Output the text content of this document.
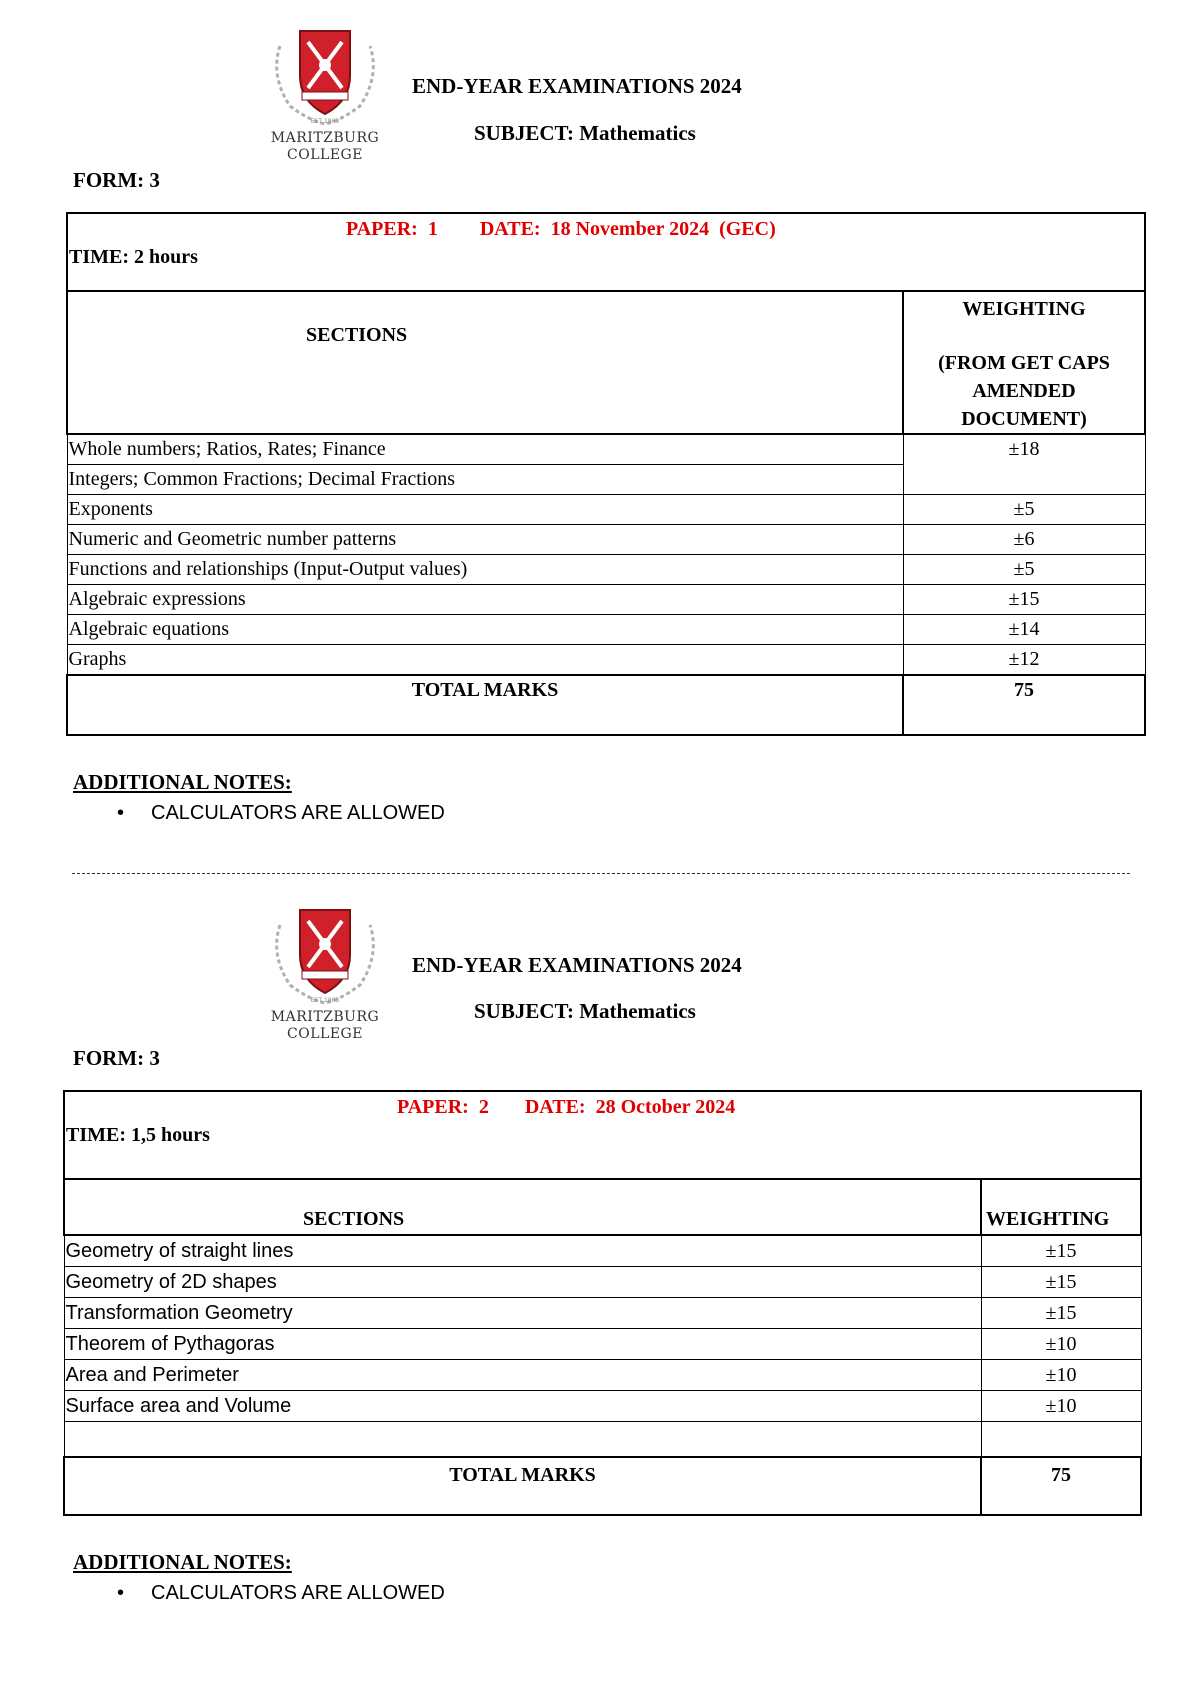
EST 1863
MARITZBURG
COLLEGE
END-YEAR EXAMINATIONS 2024
SUBJECT: Mathematics
FORM: 3
PAPER:  1 DATE:  18 November 2024  (GEC)
TIME: 2 hours	

SECTIONS	WEIGHTING
(FROM GET CAPS AMENDED DOCUMENT)

Whole numbers; Ratios, Rates; Finance	±18
Integers; Common Fractions; Decimal Fractions	
Exponents	±5
Numeric and Geometric number patterns	±6
Functions and relationships (Input-Output values)	±5
Algebraic expressions	±15
Algebraic equations	±14
Graphs	±12
TOTAL MARKS	75
ADDITIONAL NOTES:
• CALCULATORS ARE ALLOWED
EST 1863
MARITZBURG
COLLEGE
END-YEAR EXAMINATIONS 2024
SUBJECT: Mathematics
FORM: 3
PAPER:  2 DATE:  28 October 2024
TIME: 1,5 hours	

SECTIONS	WEIGHTING

Geometry of straight lines	±15
Geometry of 2D shapes	±15
Transformation Geometry	±15
Theorem of Pythagoras	±10
Area and Perimeter	±10
Surface area and Volume	±10

TOTAL MARKS	75
ADDITIONAL NOTES:
• CALCULATORS ARE ALLOWED
